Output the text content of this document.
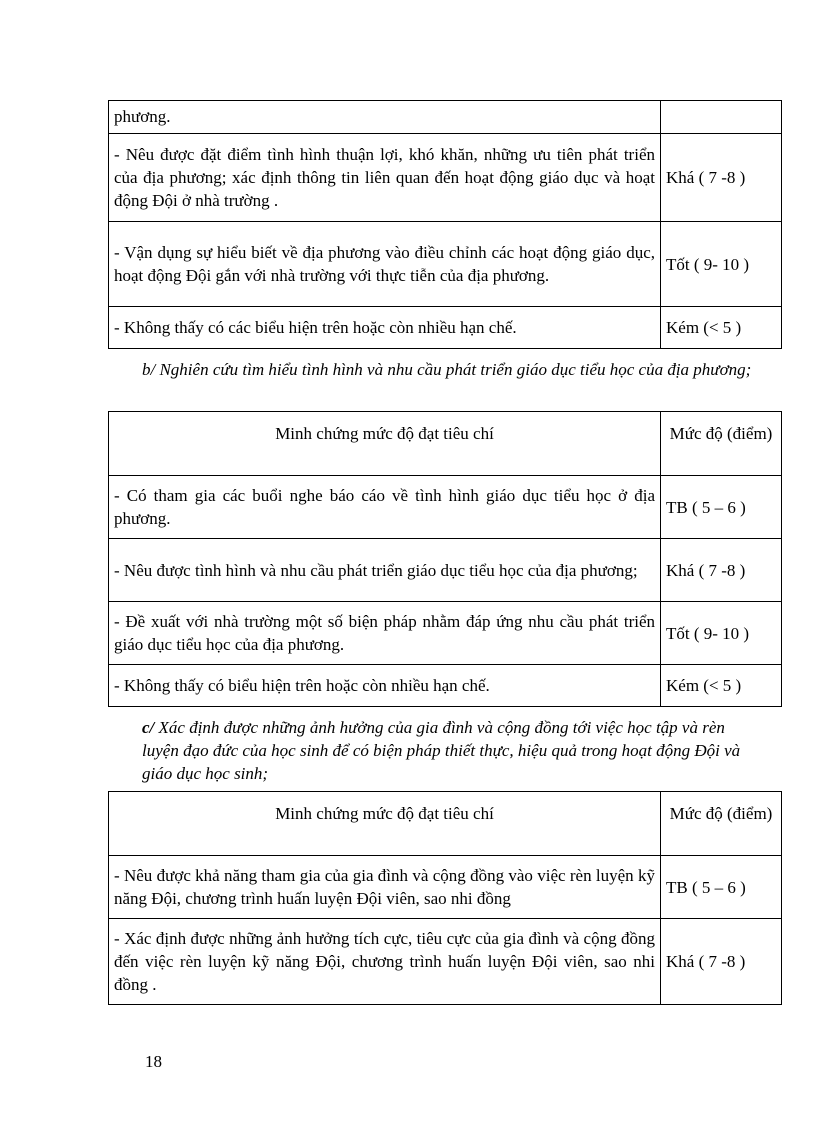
phương.	
- Nêu được đặt điểm tình hình thuận lợi, khó khăn, những ưu tiên phát triển của địa phương; xác định thông tin liên quan đến hoạt động giáo dục và hoạt động Đội ở nhà trường .	Khá ( 7 -8 )
- Vận dụng sự hiểu biết về địa phương vào điều chỉnh các hoạt động giáo dục, hoạt động Đội gắn với nhà trường với thực tiễn của địa phương.	Tốt ( 9- 10 )
- Không thấy có các biểu hiện trên hoặc còn nhiều hạn chế.	Kém (< 5 )
b/ Nghiên cứu tìm hiểu tình hình và nhu cầu phát triển giáo dục tiểu học của địa phương;
Minh chứng mức độ đạt tiêu chí	Mức độ (điểm)
- Có tham gia các buổi nghe báo cáo về tình hình giáo dục tiểu học ở địa phương.	TB ( 5 – 6 )
- Nêu được tình hình và nhu cầu phát triển giáo dục tiểu học của địa phương;	Khá ( 7 -8 )
- Đề xuất với nhà trường một số biện pháp nhằm đáp ứng nhu cầu phát triển giáo dục tiểu học của địa phương.	Tốt ( 9- 10 )
- Không thấy có biểu hiện trên hoặc còn nhiều hạn chế.	Kém (< 5 )
c/ Xác định được những ảnh hưởng của gia đình và cộng đồng tới việc học tập và rèn luyện đạo đức của học sinh để có biện pháp thiết thực, hiệu quả trong hoạt động Đội và giáo dục học sinh;
Minh chứng mức độ đạt tiêu chí	Mức độ (điểm)
- Nêu được khả năng tham gia của gia đình và cộng đồng vào việc rèn luyện kỹ năng Đội, chương trình huấn luyện Đội viên, sao nhi đồng	TB ( 5 – 6 )
- Xác định được những ảnh hưởng tích cực, tiêu cực của gia đình và cộng đồng đến việc rèn luyện kỹ năng Đội, chương trình huấn luyện Đội viên, sao nhi đồng .	Khá ( 7 -8 )
18
